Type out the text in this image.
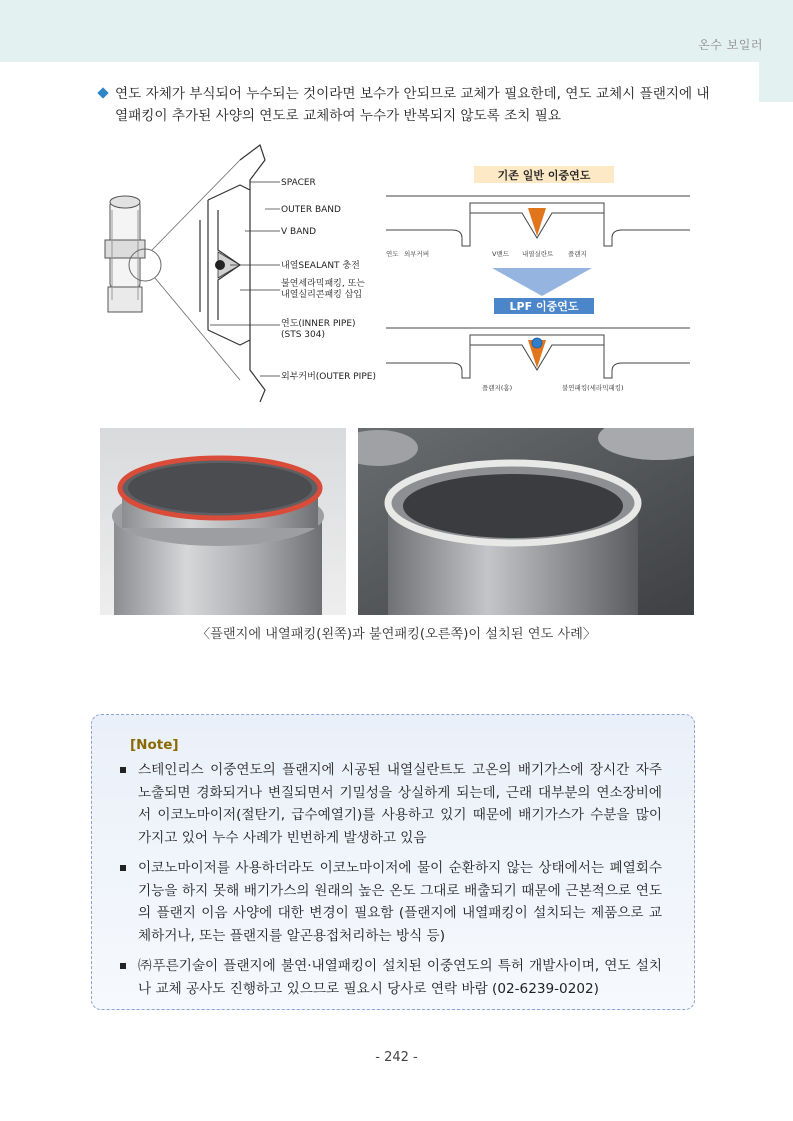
온수 보일러
연도 자체가 부식되어 누수되는 것이라면 보수가 안되므로 교체가 필요한데, 연도 교체시 플랜지에 내열패킹이 추가된 사양의 연도로 교체하여 누수가 반복되지 않도록 조치 필요
SPACER
OUTER BAND
V BAND
내열SEALANT 충전
불연세라믹패킹, 또는
내열실리콘패킹 삽입
연도(INNER PIPE)
(STS 304)
외부커버(OUTER PIPE)
기존 일반 이중연도
연도 외부커버	V밴드 내열실란트 플랜지
LPF 이중연도
플랜지(홈)	불연패킹(세라믹패킹)
〈플랜지에 내열패킹(왼쪽)과 불연패킹(오른쪽)이 설치된 연도 사례〉
[Note]
스테인리스 이중연도의 플랜지에 시공된 내열실란트도 고온의 배기가스에 장시간 자주 노출되면 경화되거나 변질되면서 기밀성을 상실하게 되는데, 근래 대부분의 연소장비에서 이코노마이저(절탄기, 급수예열기)를 사용하고 있기 때문에 배기가스가 수분을 많이 가지고 있어 누수 사례가 빈번하게 발생하고 있음
이코노마이저를 사용하더라도 이코노마이저에 물이 순환하지 않는 상태에서는 폐열회수 기능을 하지 못해 배기가스의 원래의 높은 온도 그대로 배출되기 때문에 근본적으로 연도의 플랜지 이음 사양에 대한 변경이 필요함 (플랜지에 내열패킹이 설치되는 제품으로 교체하거나, 또는 플랜지를 알곤용접처리하는 방식 등)
㈜푸른기술이 플랜지에 불연·내열패킹이 설치된 이중연도의 특허 개발사이며, 연도 설치나 교체 공사도 진행하고 있으므로 필요시 당사로 연락 바람 (02-6239-0202)
- 242 -
